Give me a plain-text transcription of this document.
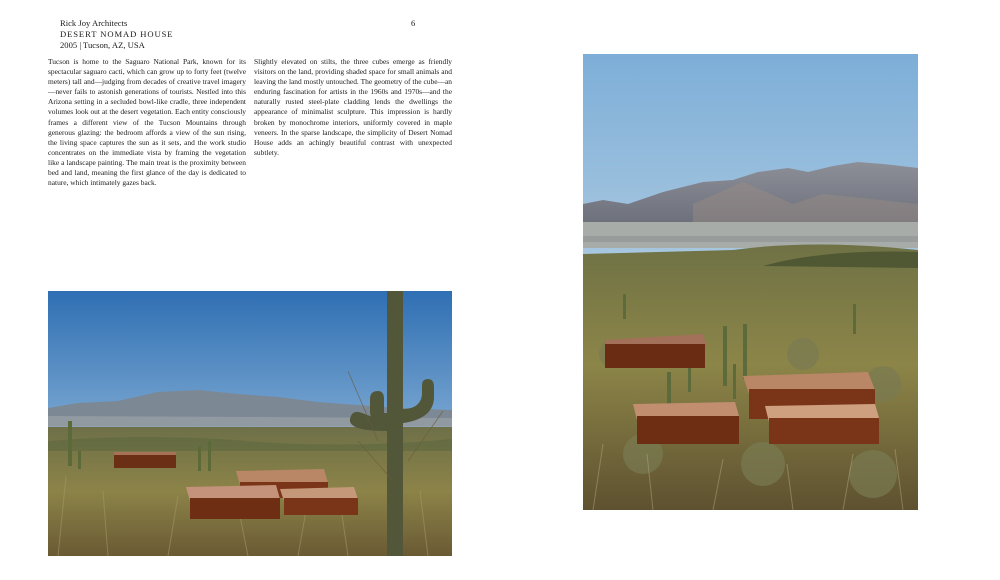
Rick Joy Architects
DESERT NOMAD HOUSE
2005 | Tucson, AZ, USA
6
Tucson is home to the Saguaro National Park, known for its spectacular saguaro cacti, which can grow up to forty feet (twelve meters) tall and—judging from decades of creative travel imagery—never fails to astonish generations of tourists. Nestled into this Arizona setting in a secluded bowl-like cradle, three independent volumes look out at the desert vegetation. Each entity consciously frames a different view of the Tucson Mountains through generous glazing: the bedroom affords a view of the sun rising, the living space captures the sun as it sets, and the work studio concentrates on the immediate vista by framing the vegetation like a landscape painting. The main treat is the proximity between bed and land, meaning the first glance of the day is dedicated to nature, which intimately gazes back.
Slightly elevated on stilts, the three cubes emerge as friendly visitors on the land, providing shaded space for small animals and leaving the land mostly untouched. The geometry of the cube—an enduring fascination for artists in the 1960s and 1970s—and the naturally rusted steel-plate cladding lends the dwellings the appearance of minimalist sculpture. This impression is hardly broken by monochrome interiors, uniformly covered in maple veneers. In the sparse landscape, the simplicity of Desert Nomad House adds an achingly beautiful contrast with unexpected subtlety.
